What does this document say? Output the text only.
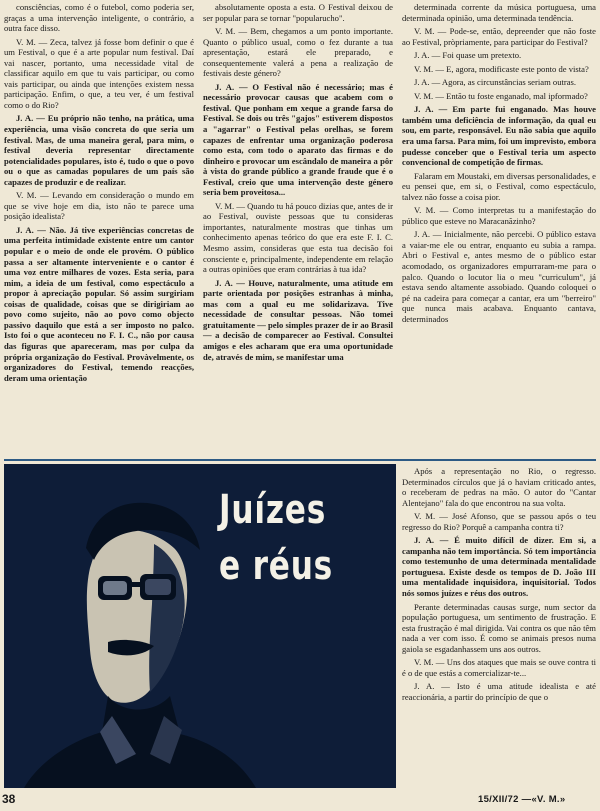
consciências, como é o futebol, como poderia ser, graças a uma intervenção inteligente, o contrário, a outra face disso.

V. M. — Zeca, talvez já fosse bom definir o que é um Festival, o que é a arte popular num festival. Daí vai nascer, portanto, uma necessidade vital de classificar aquilo em que tu vais participar, ou como vais participar, ou ainda que intenções existem nessa participação. Enfim, o que, a teu ver, é um festival como o do Rio?

J. A. — Eu próprio não tenho, na prática, uma experiência, uma visão concreta do que seria um festival. Mas, de uma maneira geral, para mim, o festival deveria representar directamente potencialidades populares, isto é, tudo o que o povo ou o que as camadas populares de um país são capazes de produzir e de realizar.

V. M. — Levando em consideração o mundo em que se vive hoje em dia, isto não te parece uma posição idealista?

J. A. — Não. Já tive experiências concretas de uma perfeita intimidade existente entre um cantor popular e o meio de onde ele provém. O público passa a ser altamente interveniente e o cantor é uma voz entre milhares de vozes. Esta seria, para mim, a ideia de um festival, como espectáculo a propor à apreciação popular. Só assim surgiriam coisas de qualidade, coisas que se dirigiriam ao povo como sujeito, não ao povo como objecto passivo daquilo que está a ser imposto no palco. Isto foi o que aconteceu no F. I. C., não por causa das figuras que apareceram, mas por culpa da própria organização do Festival. Provàvelmente, os organizadores do Festival, temendo reacções, deram uma orientação

absolutamente oposta a esta. O Festival deixou de ser popular para se tornar "popularucho".

V. M. — Bem, chegamos a um ponto importante. Quanto o público usual, como o fez durante a tua apresentação, estará ele preparado, e consequentemente valerá a pena a realização de festivais deste género?

J. A. — O Festival não é necessário; mas é necessário provocar causas que acabem com o festival. Que ponham em xeque a grande farsa do Festival. Se dois ou três "gajos" estiverem dispostos a "agarrar" o Festival pelas orelhas, se forem capazes de enfrentar uma organização poderosa como esta, com todo o aparato das firmas e do dinheiro e provocar um escândalo de maneira a pôr à vista do grande público a grande fraude que é o Festival, creio que uma intervenção deste género seria bem proveitosa...

V. M. — Quando tu há pouco dizias que, antes de ir ao Festival, ouviste pessoas que tu consideras importantes, naturalmente mostras que tinhas um conhecimento apenas teórico do que era este F. I. C. Mesmo assim, consideras que esta tua decisão foi consciente e, principalmente, independente em relação a outras opiniões que eram contrárias à tua ida?

J. A. — Houve, naturalmente, uma atitude em parte orientada por posições estranhas à minha, mas com a qual eu me solidarizava. Tive necessidade de consultar pessoas. Não tomei gratuitamente — pelo simples prazer de ir ao Brasil — a decisão de comparecer ao Festival. Consultei amigos e eles acharam que era uma oportunidade de, através de mim, se manifestar uma

determinada corrente da música portuguesa, uma determinada opinião, uma determinada tendência.

V. M. — Pode-se, então, depreender que não foste ao Festival, pròpriamente, para participar do Festival?

J. A. — Foi quase um pretexto.

V. M. — E, agora, modificaste este ponto de vista?

J. A. — Agora, as circunstâncias seriam outras.

V. M. — Então tu foste enganado, mal ipformado?

J. A. — Em parte fui enganado. Mas houve também uma deficiência de informação, da qual eu sou, em parte, responsável. Eu não sabia que aquilo era uma farsa. Para mim, foi um imprevisto, embora pudesse conceber que o Festival teria um aspecto convencional de competição de firmas.

Falaram em Moustaki, em diversas personalidades, e eu pensei que, em si, o Festival, como espectáculo, talvez não fosse a coisa pior.

V. M. — Como interpretas tu a manifestação do público que esteve no Maracanãzinho?

J. A. — Inicialmente, não percebi. O público estava a vaiar-me ele ou entrar, enquanto eu subia a rampa. Abri o Festival e, antes mesmo de o público estar acomodado, os organizadores empurraram-me para o palco. Quando o locutor lia o meu "curriculum", já estava sendo altamente assobiado. Quando coloquei o pé na cadeira para começar a cantar, era um "berreiro" que nunca mais acabava. Enquanto cantava, determinados

Juízes
e réus

Após a representação no Rio, o regresso. Determinados círculos que já o haviam criticado antes, o receberam de pedras na mão. O autor do "Cantar Alentejano" fala do que encontrou na sua volta.

V. M. — José Afonso, que se passou após o teu regresso do Rio? Porquê a campanha contra ti?

J. A. — É muito difícil de dizer. Em si, a campanha não tem importância. Só tem importância como testemunho de uma determinada mentalidade portuguesa. Existe desde os tempos de D. João III uma mentalidade inquisidora, inquisitorial. Todos nós somos juízes e réus dos outros.

Perante determinadas causas surge, num sector da população portuguesa, um sentimento de frustração. E esta frustração é mal dirigida. Vai contra os que não têm nada a ver com isso. É como se animais presos numa gaiola se esgadanhassem uns aos outros.

V. M. — Uns dos ataques que mais se ouve contra ti é o de que estás a comercializar-te...

J. A. — Isto é uma atitude idealista e até reaccionária, a partir do princípio de que o

38	15/XII/72 —«V. M.»
